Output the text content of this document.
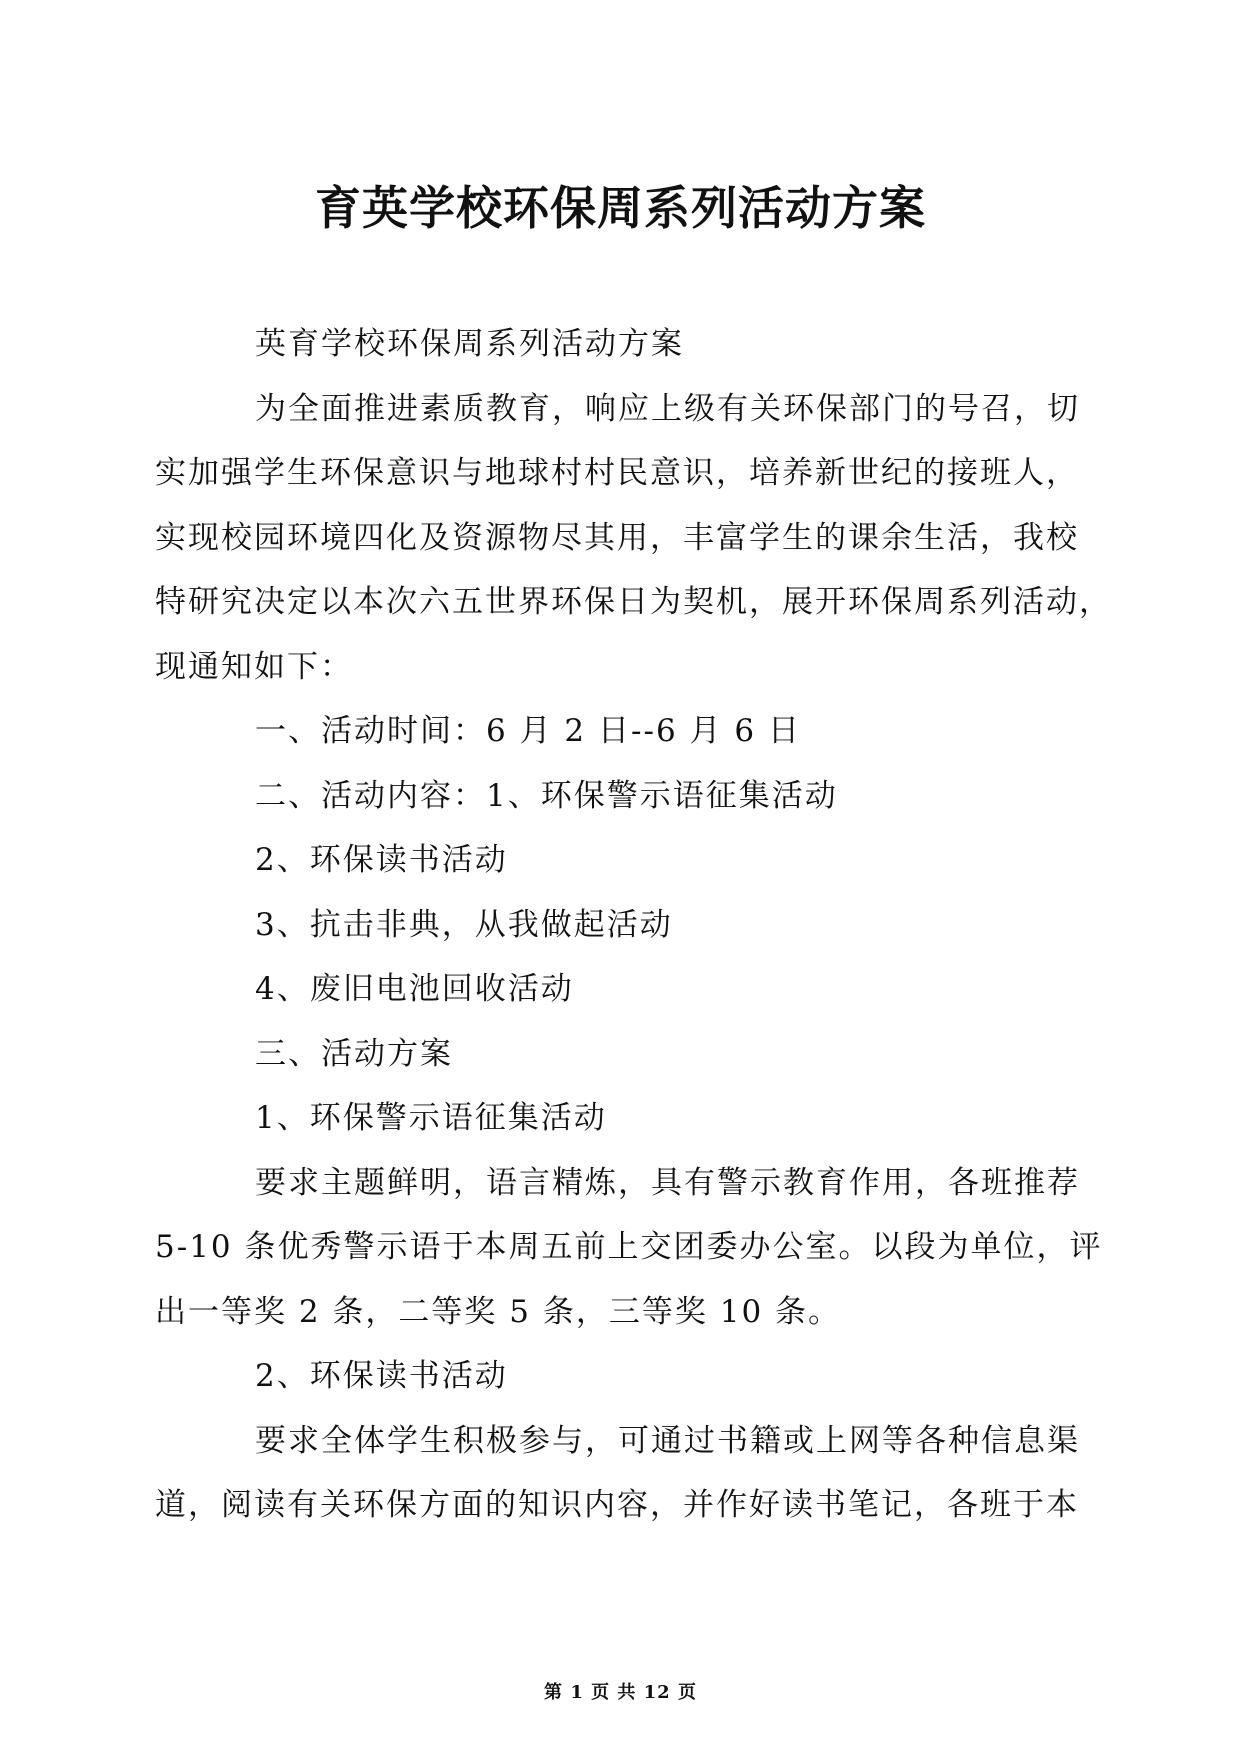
育英学校环保周系列活动方案
英育学校环保周系列活动方案
为全面推进素质教育，响应上级有关环保部门的号召，切
实加强学生环保意识与地球村村民意识，培养新世纪的接班人，
实现校园环境四化及资源物尽其用，丰富学生的课余生活，我校
特研究决定以本次六五世界环保日为契机，展开环保周系列活动，
现通知如下：
一、活动时间：6 月 2 日--6 月 6 日
二、活动内容：1、环保警示语征集活动
2、环保读书活动
3、抗击非典，从我做起活动
4、废旧电池回收活动
三、活动方案
1、环保警示语征集活动
要求主题鲜明，语言精炼，具有警示教育作用，各班推荐
5-10 条优秀警示语于本周五前上交团委办公室。以段为单位，评
出一等奖 2 条，二等奖 5 条，三等奖 10 条。
2、环保读书活动
要求全体学生积极参与，可通过书籍或上网等各种信息渠
道，阅读有关环保方面的知识内容，并作好读书笔记，各班于本
第 1 页 共 12 页
